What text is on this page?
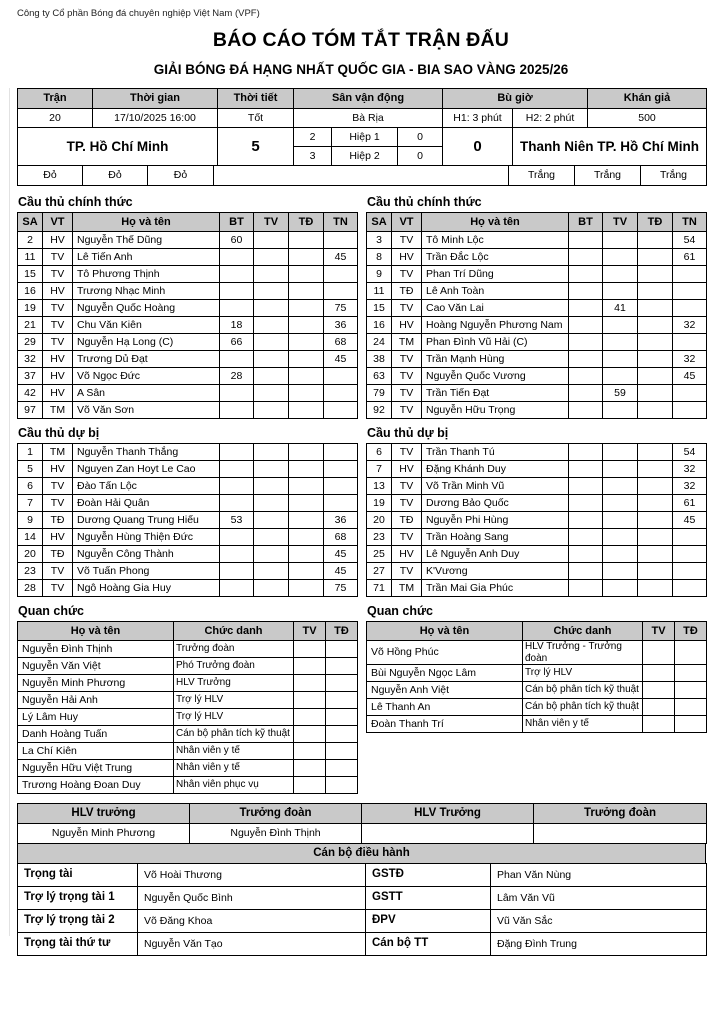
Công ty Cổ phần Bóng đá chuyên nghiệp Việt Nam (VPF)
BÁO CÁO TÓM TẮT TRẬN ĐẤU
GIẢI BÓNG ĐÁ HẠNG NHẤT QUỐC GIA - BIA SAO VÀNG 2025/26
Trận	Thời gian	Thời tiết	Sân vận động			Bù giờ		Khán giả
20	17/10/2025 16:00	Tốt	Bà Rịa			H1: 3 phút	H2: 2 phút	500
TP. Hồ Chí Minh		5	2	Hiệp 1	0	0	Thanh Niên TP. Hồ Chí Minh	
			3	Hiệp 2	0			
Đỏ	Đỏ	Đỏ		Trắng	Trắng	Trắng
Cầu thủ chính thức
SA	VT	Họ và tên	BT	TV	TĐ	TN
2	HV	Nguyễn Thế Dũng	60			
11	TV	Lê Tiến Anh				45
15	TV	Tô Phương Thịnh				
16	HV	Trương Nhạc Minh				
19	TV	Nguyễn Quốc Hoàng				75
21	TV	Chu Văn Kiên	18			36
29	TV	Nguyễn Hạ Long (C)	66			68
32	HV	Trương Dủ Đạt				45
37	HV	Võ Ngọc Đức	28			
42	HV	A Sân				
97	TM	Võ Văn Sơn				
Cầu thủ dự bị
1	TM	Nguyễn Thanh Thắng				
5	HV	Nguyen Zan Hoyt Le Cao				
6	TV	Đào Tấn Lộc				
7	TV	Đoàn Hải Quân				
9	TĐ	Dương Quang Trung Hiếu	53			36
14	HV	Nguyễn Hùng Thiện Đức				68
20	TĐ	Nguyễn Công Thành				45
23	TV	Võ Tuấn Phong				45
28	TV	Ngô Hoàng Gia Huy				75
Quan chức
Họ và tên	Chức danh	TV	TĐ
Nguyễn Đình Thịnh	Trưởng đoàn		
Nguyễn Văn Việt	Phó Trưởng đoàn		
Nguyễn Minh Phương	HLV Trưởng		
Nguyễn Hải Anh	Trợ lý HLV		
Lý Lâm Huy	Trợ lý HLV		
Danh Hoàng Tuấn	Cán bộ phân tích kỹ thuật		
La Chí Kiên	Nhân viên y tế		
Nguyễn Hữu Việt Trung	Nhân viên y tế		
Trương Hoàng Đoan Duy	Nhân viên phục vụ		
Cầu thủ chính thức
SA	VT	Họ và tên	BT	TV	TĐ	TN
3	TV	Tô Minh Lộc				54
8	HV	Trần Đắc Lộc				61
9	TV	Phan Trí Dũng				
11	TĐ	Lê Anh Toàn				
15	TV	Cao Văn Lai		41		
16	HV	Hoàng Nguyễn Phương Nam				32
24	TM	Phan Đình Vũ Hải (C)				
38	TV	Trần Mạnh Hùng				32
63	TV	Nguyễn Quốc Vương				45
79	TV	Trần Tiến Đạt		59		
92	TV	Nguyễn Hữu Trọng				
Cầu thủ dự bị
6	TV	Trần Thanh Tú				54
7	HV	Đặng Khánh Duy				32
13	TV	Võ Trần Minh Vũ				32
19	TV	Dương Bảo Quốc				61
20	TĐ	Nguyễn Phi Hùng				45
23	TV	Trần Hoàng Sang				
25	HV	Lê Nguyễn Anh Duy				
27	TV	K'Vương				
71	TM	Trần Mai Gia Phúc				
Quan chức
Họ và tên	Chức danh	TV	TĐ
Võ Hồng Phúc	HLV Trưởng - Trưởng đoàn		
Bùi Nguyễn Ngọc Lâm	Trợ lý HLV		
Nguyễn Anh Việt	Cán bộ phân tích kỹ thuật		
Lê Thanh An	Cán bộ phân tích kỹ thuật		
Đoàn Thanh Trí	Nhân viên y tế		
HLV trưởng	Trưởng đoàn	HLV Trưởng	Trưởng đoàn
Nguyễn Minh Phương	Nguyễn Đình Thịnh		
Cán bộ điều hành
Trọng tài	Võ Hoài Thương	GSTĐ	Phan Văn Nùng
Trợ lý trọng tài 1	Nguyễn Quốc Bình	GSTT	Lâm Văn Vũ
Trợ lý trọng tài 2	Võ Đăng Khoa	ĐPV	Vũ Văn Sắc
Trọng tài thứ tư	Nguyễn Văn Tạo	Cán bộ TT	Đặng Đình Trung
